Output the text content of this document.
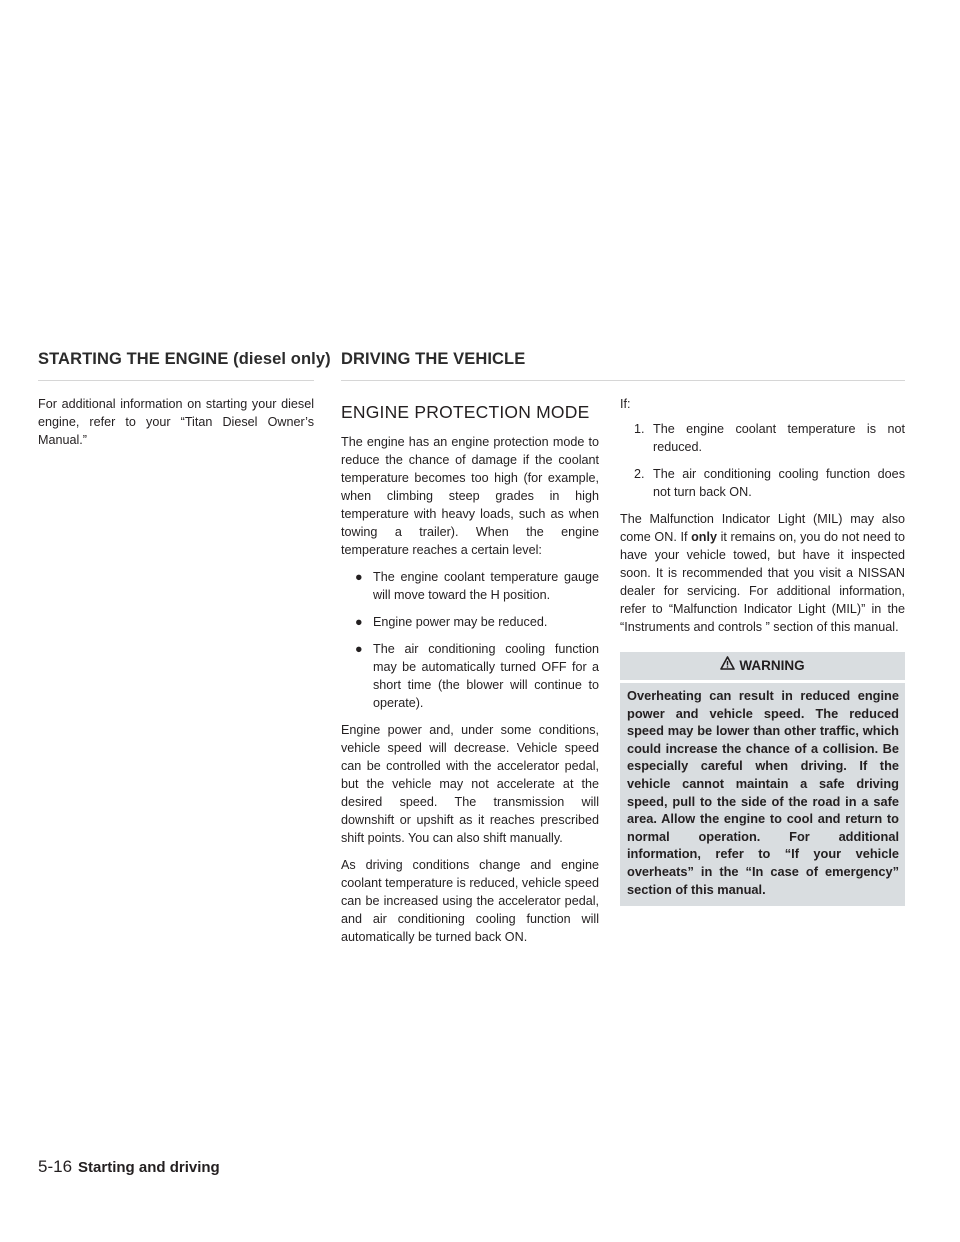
STARTING THE ENGINE (diesel only) DRIVING THE VEHICLE

For additional information on starting your diesel engine, refer to your “Titan Diesel Owner’s Manual.”

ENGINE PROTECTION MODE

The engine has an engine protection mode to reduce the chance of damage if the coolant temperature becomes too high (for example, when climbing steep grades in high temperature with heavy loads, such as when towing a trailer). When the engine temperature reaches a certain level:

● The engine coolant temperature gauge will move toward the H position.
● Engine power may be reduced.
● The air conditioning cooling function may be automatically turned OFF for a short time (the blower will continue to operate).

Engine power and, under some conditions, vehicle speed will decrease. Vehicle speed can be controlled with the accelerator pedal, but the vehicle may not accelerate at the desired speed. The transmission will downshift or upshift as it reaches prescribed shift points. You can also shift manually.

As driving conditions change and engine coolant temperature is reduced, vehicle speed can be increased using the accelerator pedal, and air conditioning cooling function will automatically be turned back ON.

If:

1. The engine coolant temperature is not reduced.
2. The air conditioning cooling function does not turn back ON.

The Malfunction Indicator Light (MIL) may also come ON. If only it remains on, you do not need to have your vehicle towed, but have it inspected soon. It is recommended that you visit a NISSAN dealer for servicing. For additional information, refer to “Malfunction Indicator Light (MIL)” in the “Instruments and controls ” section of this manual.

WARNING
Overheating can result in reduced engine power and vehicle speed. The reduced speed may be lower than other traffic, which could increase the chance of a collision. Be especially careful when driving. If the vehicle cannot maintain a safe driving speed, pull to the side of the road in a safe area. Allow the engine to cool and return to normal operation. For additional information, refer to “If your vehicle overheats” in the “In case of emergency” section of this manual.
5-16 Starting and driving
